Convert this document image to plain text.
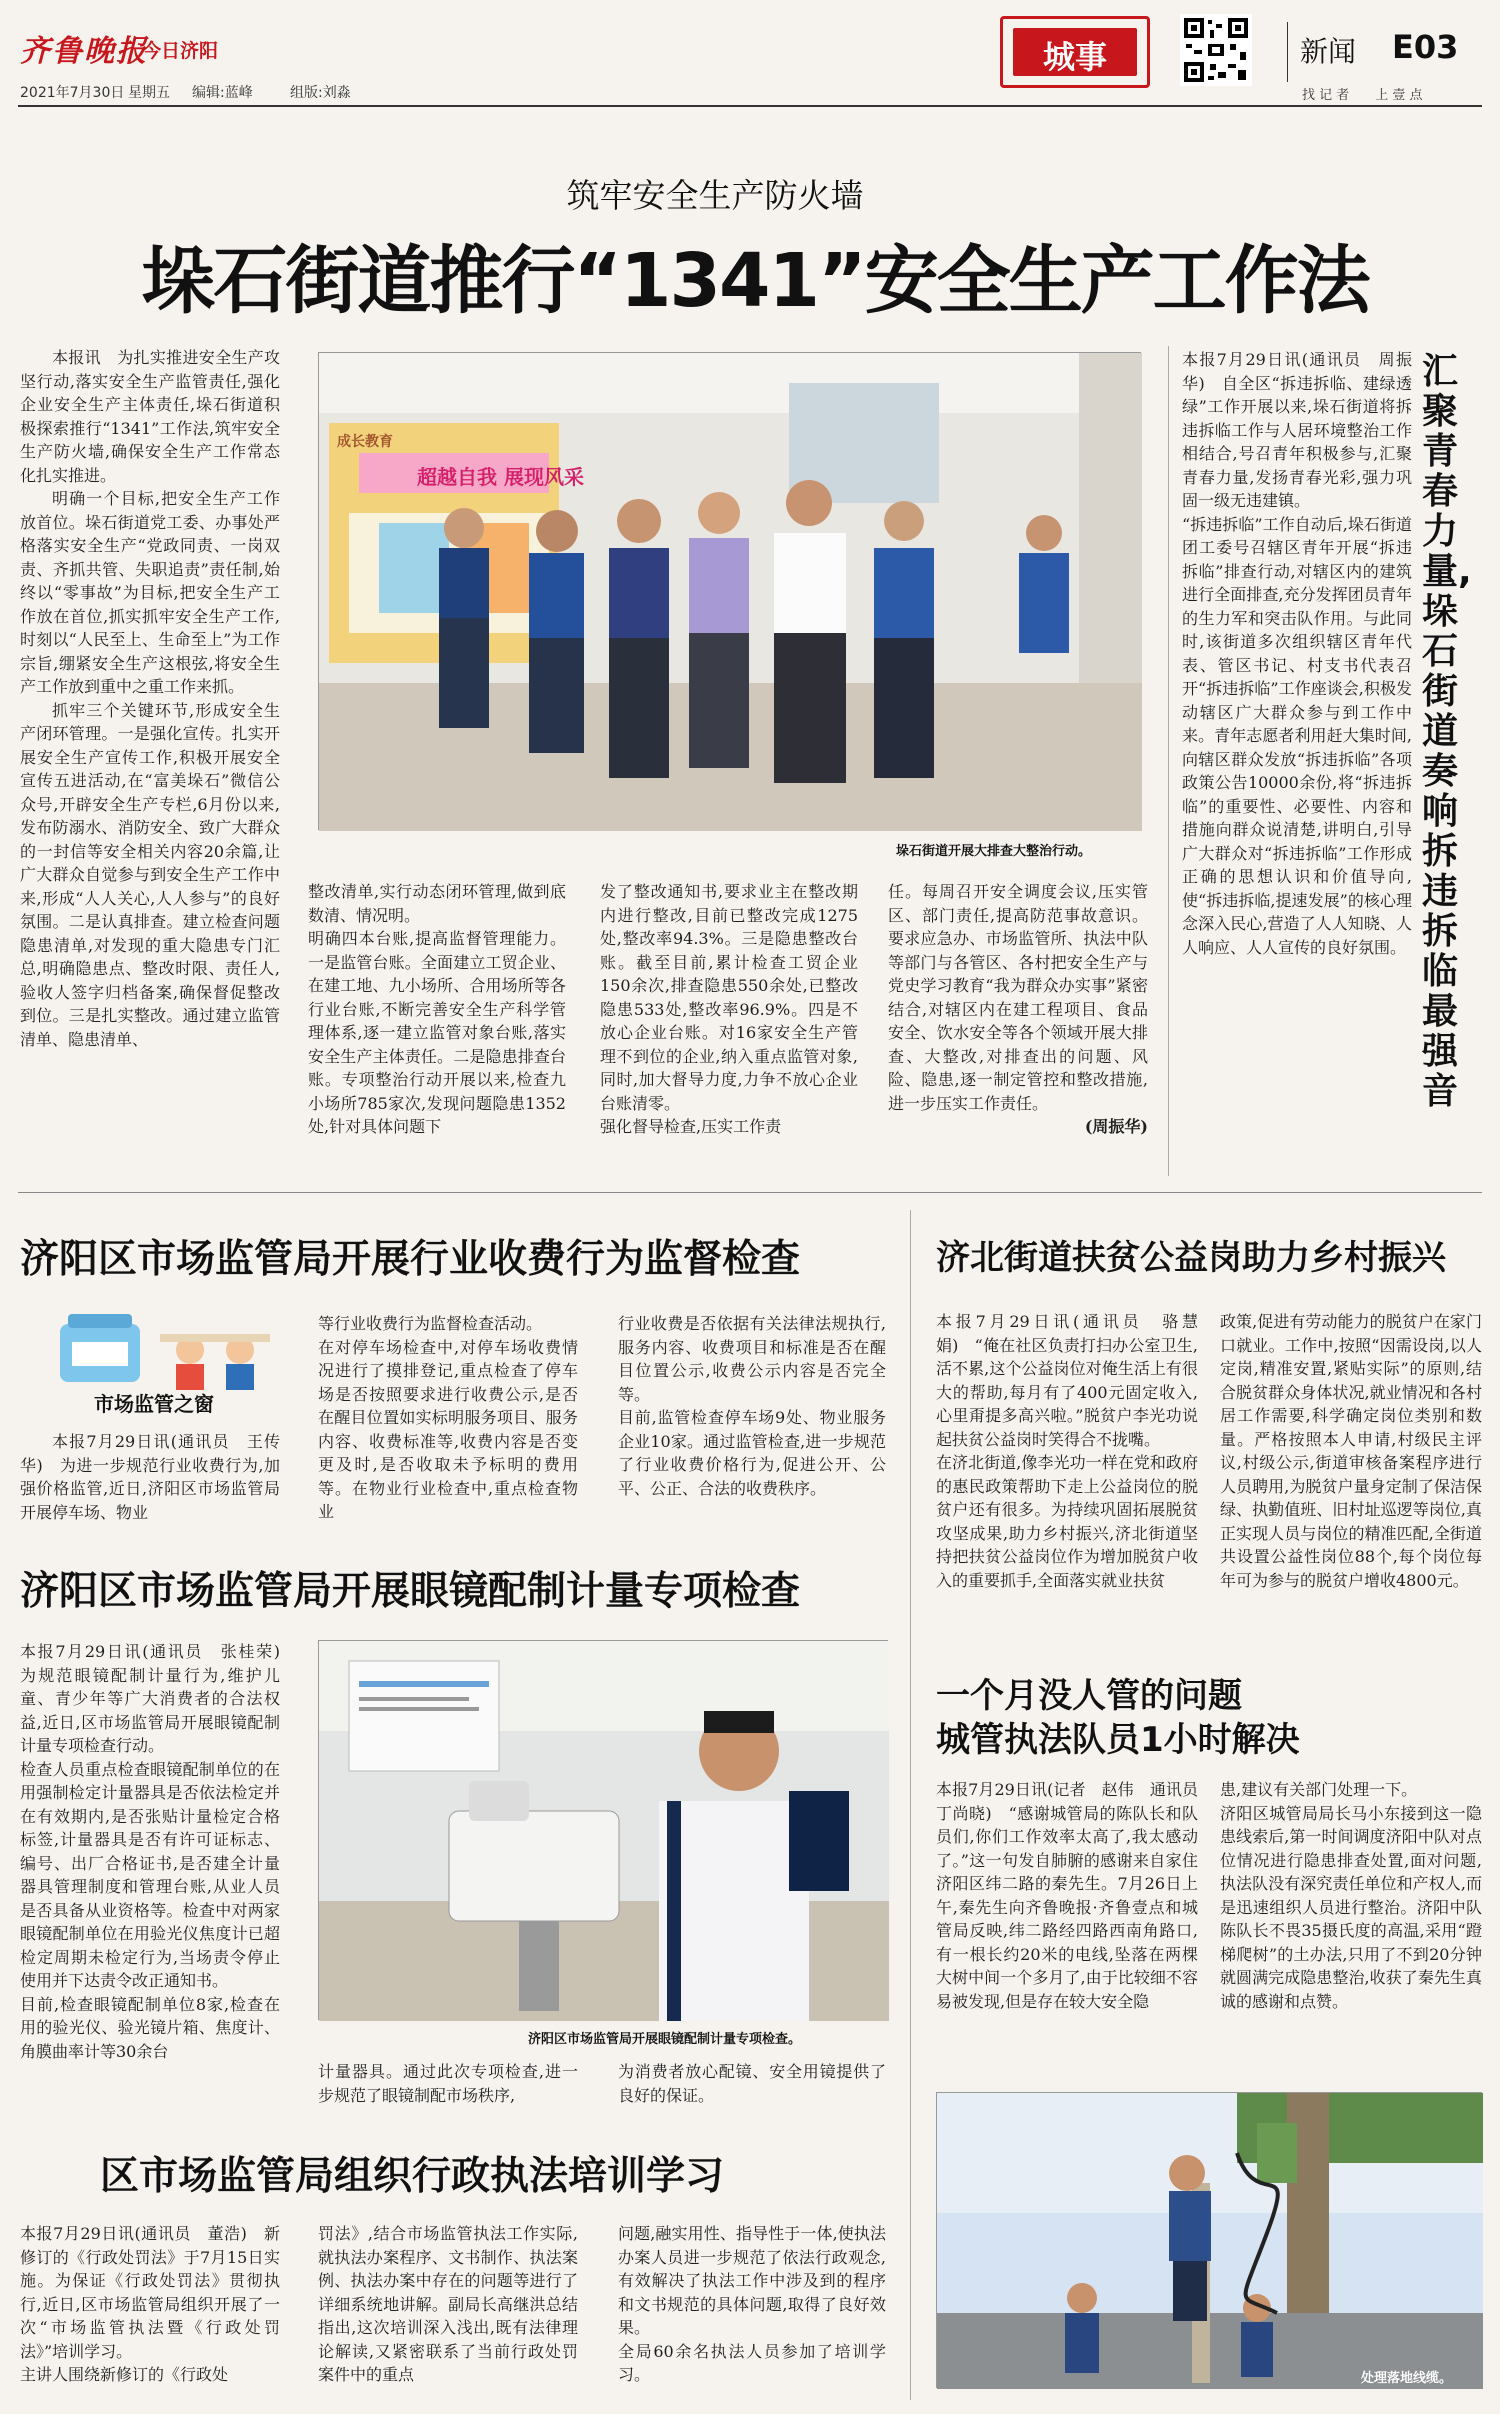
齐鲁晚报
今日济阳
2021年7月30日 星期五 编辑:蓝峰	组版:刘淼
城事	新闻 E03
找 记 者　　上 壹 点
筑牢安全生产防火墙
垛石街道推行“1341”安全生产工作法

本报讯　为扎实推进安全生产攻坚行动,落实安全生产监管责任,强化企业安全生产主体责任,垛石街道积极探索推行“1341”工作法,筑牢安全生产防火墙,确保安全生产工作常态化扎实推进。

明确一个目标,把安全生产工作放首位。垛石街道党工委、办事处严格落实安全生产“党政同责、一岗双责、齐抓共管、失职追责”责任制,始终以“零事故”为目标,把安全生产工作放在首位,抓实抓牢安全生产工作,时刻以“人民至上、生命至上”为工作宗旨,绷紧安全生产这根弦,将安全生产工作放到重中之重工作来抓。

抓牢三个关键环节,形成安全生产闭环管理。一是强化宣传。扎实开展安全生产宣传工作,积极开展安全宣传五进活动,在“富美垛石”微信公众号,开辟安全生产专栏,6月份以来,发布防溺水、消防安全、致广大群众的一封信等安全相关内容20余篇,让广大群众自觉参与到安全生产工作中来,形成“人人关心,人人参与”的良好氛围。二是认真排查。建立检查问题隐患清单,对发现的重大隐患专门汇总,明确隐患点、整改时限、责任人,验收人签字归档备案,确保督促整改到位。三是扎实整改。通过建立监管清单、隐患清单、

成长教育
超越自我 展现风采
垛石街道开展大排查大整治行动。
整改清单,实行动态闭环管理,做到底数清、情况明。
明确四本台账,提高监督管理能力。一是监管台账。全面建立工贸企业、在建工地、九小场所、合用场所等各行业台账,不断完善安全生产科学管理体系,逐一建立监管对象台账,落实安全生产主体责任。二是隐患排查台账。专项整治行动开展以来,检查九小场所785家次,发现问题隐患1352处,针对具体问题下
发了整改通知书,要求业主在整改期内进行整改,目前已整改完成1275处,整改率94.3%。三是隐患整改台账。截至目前,累计检查工贸企业150余次,排查隐患550余处,已整改隐患533处,整改率96.9%。四是不放心企业台账。对16家安全生产管理不到位的企业,纳入重点监管对象,同时,加大督导力度,力争不放心企业台账清零。
强化督导检查,压实工作责

任。每周召开安全调度会议,压实管区、部门责任,提高防范事故意识。要求应急办、市场监管所、执法中队等部门与各管区、各村把安全生产与党史学习教育“我为群众办实事”紧密结合,对辖区内在建工程项目、食品安全、饮水安全等各个领域开展大排查、大整改,对排查出的问题、风险、隐患,逐一制定管控和整改措施,进一步压实工作责任。

(周振华)
本报7月29日讯(通讯员　周振华)　自全区“拆违拆临、建绿透绿”工作开展以来,垛石街道将拆违拆临工作与人居环境整治工作相结合,号召青年积极参与,汇聚青春力量,发扬青春光彩,强力巩固一级无违建镇。
“拆违拆临”工作自动后,垛石街道团工委号召辖区青年开展“拆违拆临”排查行动,对辖区内的建筑进行全面排查,充分发挥团员青年的生力军和突击队作用。与此同时,该街道多次组织辖区青年代表、管区书记、村支书代表召开“拆违拆临”工作座谈会,积极发动辖区广大群众参与到工作中来。青年志愿者利用赶大集时间,向辖区群众发放“拆违拆临”各项政策公告10000余份,将“拆违拆临”的重要性、必要性、内容和措施向群众说清楚,讲明白,引导广大群众对“拆违拆临”工作形成正确的思想认识和价值导向,使“拆违拆临,提速发展”的核心理念深入民心,营造了人人知晓、人人响应、人人宣传的良好氛围。
汇聚青春力量,垛石街道奏响拆违拆临最强音
济阳区市场监管局开展行业收费行为监督检查
市场监管之窗

本报7月29日讯(通讯员　王传华)　为进一步规范行业收费行为,加强价格监管,近日,济阳区市场监管局开展停车场、物业

等行业收费行为监督检查活动。
在对停车场检查中,对停车场收费情况进行了摸排登记,重点检查了停车场是否按照要求进行收费公示,是否在醒目位置如实标明服务项目、服务内容、收费标准等,收费内容是否变更及时,是否收取未予标明的费用等。在物业行业检查中,重点检查物业
行业收费是否依据有关法律法规执行,服务内容、收费项目和标准是否在醒目位置公示,收费公示内容是否完全等。
目前,监管检查停车场9处、物业服务企业10家。通过监管检查,进一步规范了行业收费价格行为,促进公开、公平、公正、合法的收费秩序。
济阳区市场监管局开展眼镜配制计量专项检查
本报7月29日讯(通讯员　张桂荣)　为规范眼镜配制计量行为,维护儿童、青少年等广大消费者的合法权益,近日,区市场监管局开展眼镜配制计量专项检查行动。
检查人员重点检查眼镜配制单位的在用强制检定计量器具是否依法检定并在有效期内,是否张贴计量检定合格标签,计量器具是否有许可证标志、编号、出厂合格证书,是否建全计量器具管理制度和管理台账,从业人员是否具备从业资格等。检查中对两家眼镜配制单位在用验光仪焦度计已超检定周期未检定行为,当场责令停止使用并下达责令改正通知书。
目前,检查眼镜配制单位8家,检查在用的验光仪、验光镜片箱、焦度计、角膜曲率计等30余台
济阳区市场监管局开展眼镜配制计量专项检查。

计量器具。通过此次专项检查,进一步规范了眼镜制配市场秩序,

为消费者放心配镜、安全用镜提供了良好的保证。

区市场监管局组织行政执法培训学习
本报7月29日讯(通讯员　董浩)　新修订的《行政处罚法》于7月15日实施。为保证《行政处罚法》贯彻执行,近日,区市场监管局组织开展了一次“市场监管执法暨《行政处罚法》”培训学习。
主讲人围绕新修订的《行政处
罚法》,结合市场监管执法工作实际,就执法办案程序、文书制作、执法案例、执法办案中存在的问题等进行了详细系统地讲解。副局长高继洪总结指出,这次培训深入浅出,既有法律理论解读,又紧密联系了当前行政处罚案件中的重点
问题,融实用性、指导性于一体,使执法办案人员进一步规范了依法行政观念,有效解决了执法工作中涉及到的程序和文书规范的具体问题,取得了良好效果。
全局60余名执法人员参加了培训学习。
济北街道扶贫公益岗助力乡村振兴
本报7月29日讯(通讯员　骆慧娟)　“俺在社区负责打扫办公室卫生,活不累,这个公益岗位对俺生活上有很大的帮助,每月有了400元固定收入,心里甭提多高兴啦。”脱贫户李光功说起扶贫公益岗时笑得合不拢嘴。
在济北街道,像李光功一样在党和政府的惠民政策帮助下走上公益岗位的脱贫户还有很多。为持续巩固拓展脱贫攻坚成果,助力乡村振兴,济北街道坚持把扶贫公益岗位作为增加脱贫户收入的重要抓手,全面落实就业扶贫
政策,促进有劳动能力的脱贫户在家门口就业。工作中,按照“因需设岗,以人定岗,精准安置,紧贴实际”的原则,结合脱贫群众身体状况,就业情况和各村居工作需要,科学确定岗位类别和数量。严格按照本人申请,村级民主评议,村级公示,街道审核备案程序进行人员聘用,为脱贫户量身定制了保洁保绿、执勤值班、旧村址巡逻等岗位,真正实现人员与岗位的精准匹配,全街道共设置公益性岗位88个,每个岗位每年可为参与的脱贫户增收4800元。
一个月没人管的问题
城管执法队员1小时解决
本报7月29日讯(记者　赵伟　通讯员　丁尚晓)　“感谢城管局的陈队长和队员们,你们工作效率太高了,我太感动了。”这一句发自肺腑的感谢来自家住济阳区纬二路的秦先生。7月26日上午,秦先生向齐鲁晚报·齐鲁壹点和城管局反映,纬二路经四路西南角路口,有一根长约20米的电线,坠落在两棵大树中间一个多月了,由于比较细不容易被发现,但是存在较大安全隐
患,建议有关部门处理一下。
济阳区城管局局长马小东接到这一隐患线索后,第一时间调度济阳中队对点位情况进行隐患排查处置,面对问题,执法队没有深究责任单位和产权人,而是迅速组织人员进行整治。济阳中队陈队长不畏35摄氏度的高温,采用“蹬梯爬树”的土办法,只用了不到20分钟就圆满完成隐患整治,收获了秦先生真诚的感谢和点赞。
处理落地线缆。
